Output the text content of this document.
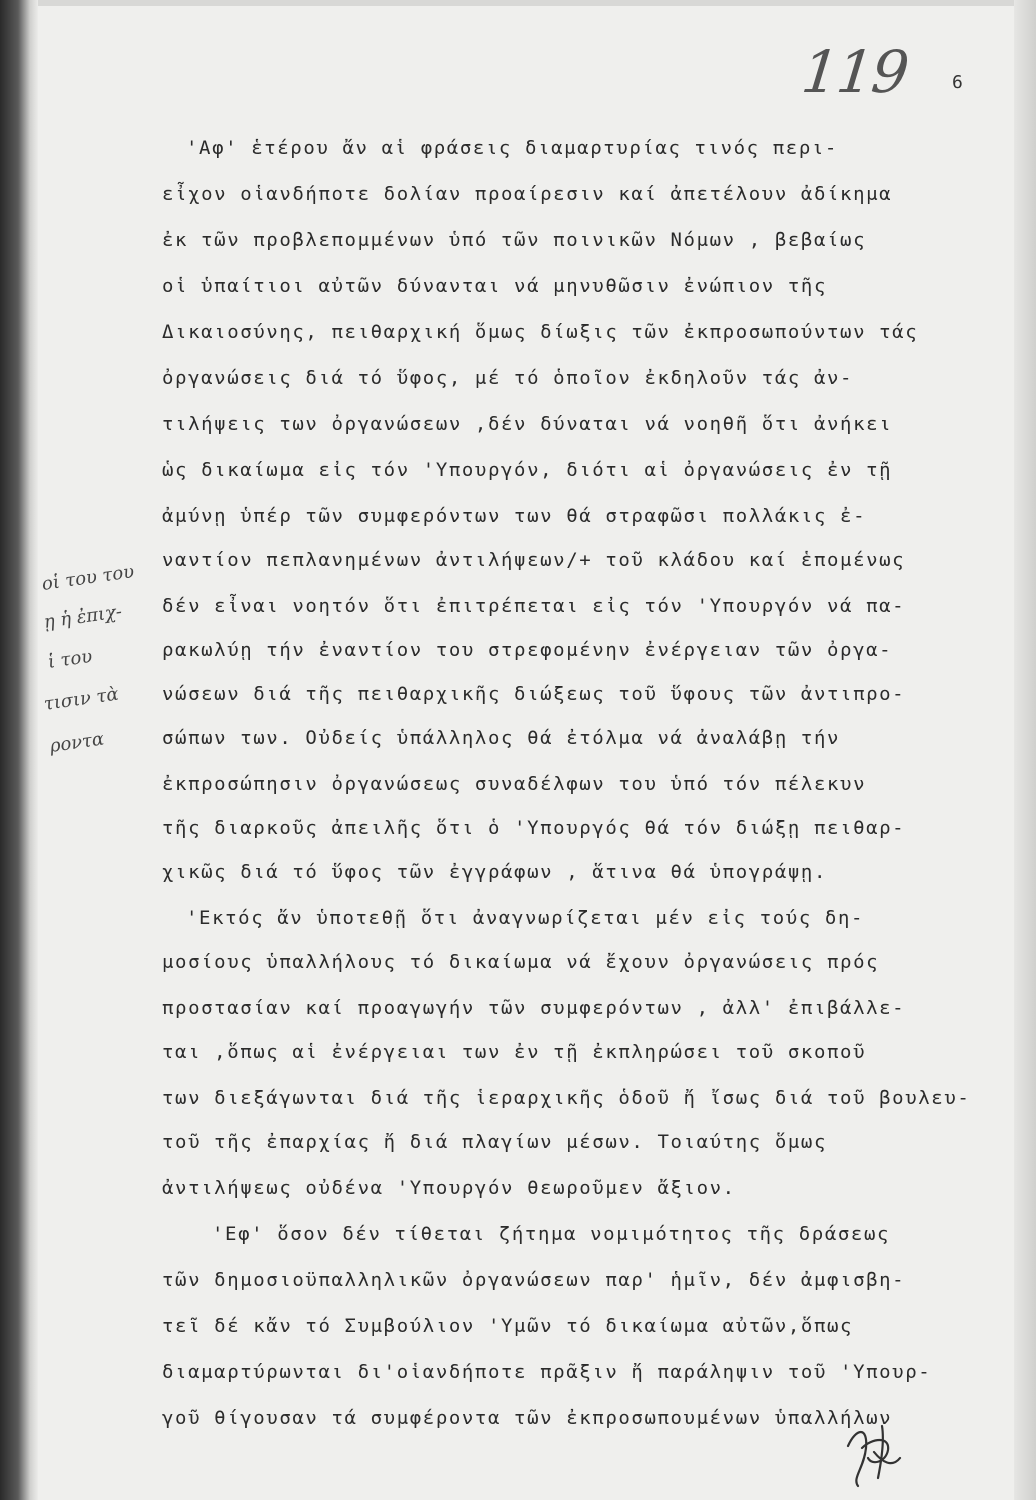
119 6
'Αφ' ἑτέρου ἄν αἱ φράσεις διαμαρτυρίας τινός περι-
εἶχον οἱανδήποτε δολίαν προαίρεσιν καί ἀπετέλουν ἀδίκημα
ἐκ τῶν προβλεπομμένων ὑπό τῶν ποινικῶν Νόμων , βεβαίως
οἱ ὑπαίτιοι αὐτῶν δύνανται νά μηνυθῶσιν ἐνώπιον τῆς
Δικαιοσύνης, πειθαρχική ὅμως δίωξις τῶν ἐκπροσωπούντων τάς
ὀργανώσεις διά τό ὕφος, μέ τό ὁποῖον ἐκδηλοῦν τάς ἀν-
τιλήψεις των ὀργανώσεων ,δέν δύναται νά νοηθῆ ὅτι ἀνήκει
ὡς δικαίωμα εἰς τόν 'Υπουργόν, διότι αἱ ὀργανώσεις ἐν τῇ
ἀμύνῃ ὑπέρ τῶν συμφερόντων των θά στραφῶσι πολλάκις ἐ-
ναντίον πεπλανημένων ἀντιλήψεων/+ τοῦ κλάδου καί ἑπομένως
δέν εἶναι νοητόν ὅτι ἐπιτρέπεται εἰς τόν 'Υπουργόν νά πα-
ρακωλύῃ τήν ἐναντίον του στρεφομένην ἐνέργειαν τῶν ὀργα-
νώσεων διά τῆς πειθαρχικῆς διώξεως τοῦ ὕφους τῶν ἀντιπρο-
σώπων των. Οὐδείς ὑπάλληλος θά ἐτόλμα νά ἀναλάβῃ τήν
ἐκπροσώπησιν ὀργανώσεως συναδέλφων του ὑπό τόν πέλεκυν
τῆς διαρκοῦς ἀπειλῆς ὅτι ὁ 'Υπουργός θά τόν διώξῃ πειθαρ-
χικῶς διά τό ὕφος τῶν ἐγγράφων , ἅτινα θά ὑπογράψῃ.
'Εκτός ἄν ὑποτεθῇ ὅτι ἀναγνωρίζεται μέν εἰς τούς δη-
μοσίους ὑπαλλήλους τό δικαίωμα νά ἔχουν ὀργανώσεις πρός
προστασίαν καί προαγωγήν τῶν συμφερόντων , ἀλλ' ἐπιβάλλε-
ται ,ὅπως αἱ ἐνέργειαι των ἐν τῇ ἐκπληρώσει τοῦ σκοποῦ
των διεξάγωνται διά τῆς ἱεραρχικῆς ὁδοῦ ἤ ἴσως διά τοῦ βουλευ-
τοῦ τῆς ἐπαρχίας ἤ διά πλαγίων μέσων. Τοιαύτης ὅμως
ἀντιλήψεως οὐδένα 'Υπουργόν θεωροῦμεν ἄξιον.
'Εφ' ὅσον δέν τίθεται ζήτημα νομιμότητος τῆς δράσεως
τῶν δημοσιοϋπαλληλικῶν ὀργανώσεων παρ' ἡμῖν, δέν ἀμφισβη-
τεῖ δέ κἄν τό Συμβούλιον 'Υμῶν τό δικαίωμα αὐτῶν,ὅπως
διαμαρτύρωνται δι'οἱανδήποτε πρᾶξιν ἤ παράληψιν τοῦ 'Υπουρ-
γοῦ θίγουσαν τά συμφέροντα τῶν ἐκπροσωπουμένων ὑπαλλήλων
οἱ του του
ῃ ἡ ἐπιχ-
ἱ του
τισιν τὰ
ροντα
